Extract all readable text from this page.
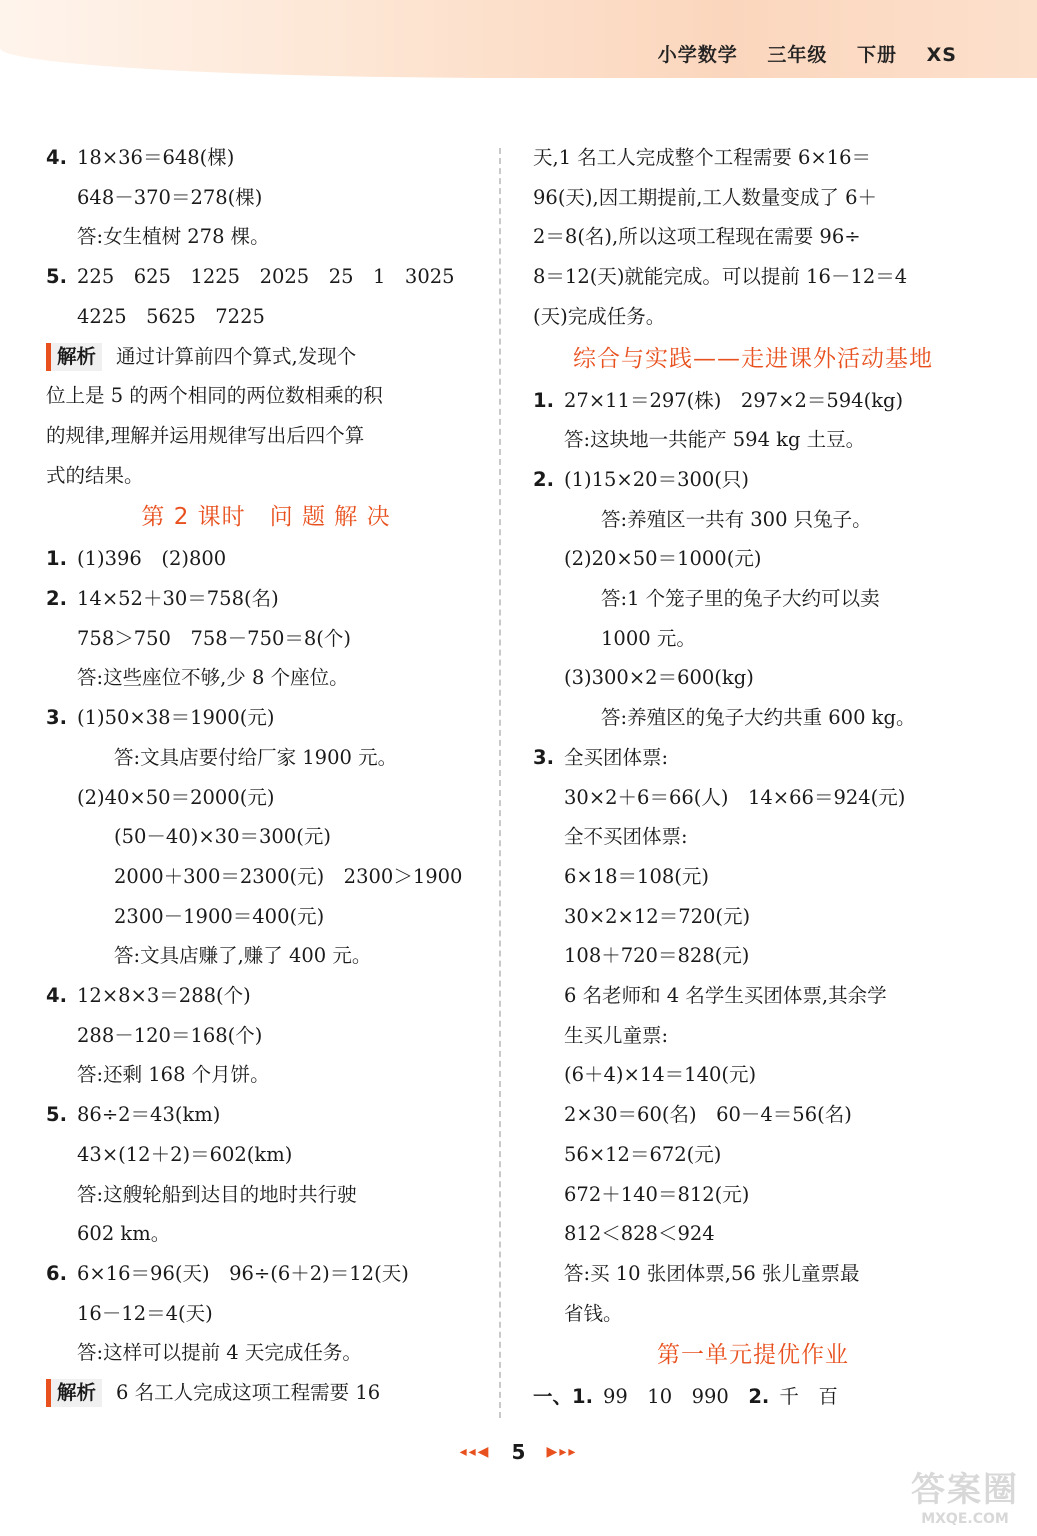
小学数学 三年级 下册 XS
4. 18×36＝648(棵)
648－370＝278(棵)
答:女生植树 278 棵。
5. 225　625　1225　2025　25　1　3025
4225　5625　7225
解析 通过计算前四个算式,发现个
位上是 5 的两个相同的两位数相乘的积
的规律,理解并运用规律写出后四个算
式的结果。
第 2 课时　问 题 解 决
1. (1)396　(2)800
2. 14×52＋30＝758(名)
758＞750　758－750＝8(个)
答:这些座位不够,少 8 个座位。
3. (1)50×38＝1900(元)
答:文具店要付给厂家 1900 元。
(2)40×50＝2000(元)
(50－40)×30＝300(元)
2000＋300＝2300(元)　2300＞1900
2300－1900＝400(元)
答:文具店赚了,赚了 400 元。
4. 12×8×3＝288(个)
288－120＝168(个)
答:还剩 168 个月饼。
5. 86÷2＝43(km)
43×(12＋2)＝602(km)
答:这艘轮船到达目的地时共行驶
602 km。
6. 6×16＝96(天)　96÷(6＋2)＝12(天)
16－12＝4(天)
答:这样可以提前 4 天完成任务。
解析 6 名工人完成这项工程需要 16
天,1 名工人完成整个工程需要 6×16＝
96(天),因工期提前,工人数量变成了 6＋
2＝8(名),所以这项工程现在需要 96÷
8＝12(天)就能完成。可以提前 16－12＝4
(天)完成任务。
综合与实践——走进课外活动基地
1. 27×11＝297(株)　297×2＝594(kg)
答:这块地一共能产 594 kg 土豆。
2. (1)15×20＝300(只)
答:养殖区一共有 300 只兔子。
(2)20×50＝1000(元)
答:1 个笼子里的兔子大约可以卖
1000 元。
(3)300×2＝600(kg)
答:养殖区的兔子大约共重 600 kg。
3. 全买团体票:
30×2＋6＝66(人)　14×66＝924(元)
全不买团体票:
6×18＝108(元)
30×2×12＝720(元)
108＋720＝828(元)
6 名老师和 4 名学生买团体票,其余学
生买儿童票:
(6＋4)×14＝140(元)
2×30＝60(名)　60－4＝56(名)
56×12＝672(元)
672＋140＝812(元)
812＜828＜924
答:买 10 张团体票,56 张儿童票最
省钱。
第一单元提优作业
一、1. 99　10　990　 2. 千　百
◂◂◀ 5 ▶▸▸
答案圈
MXQE.COM
